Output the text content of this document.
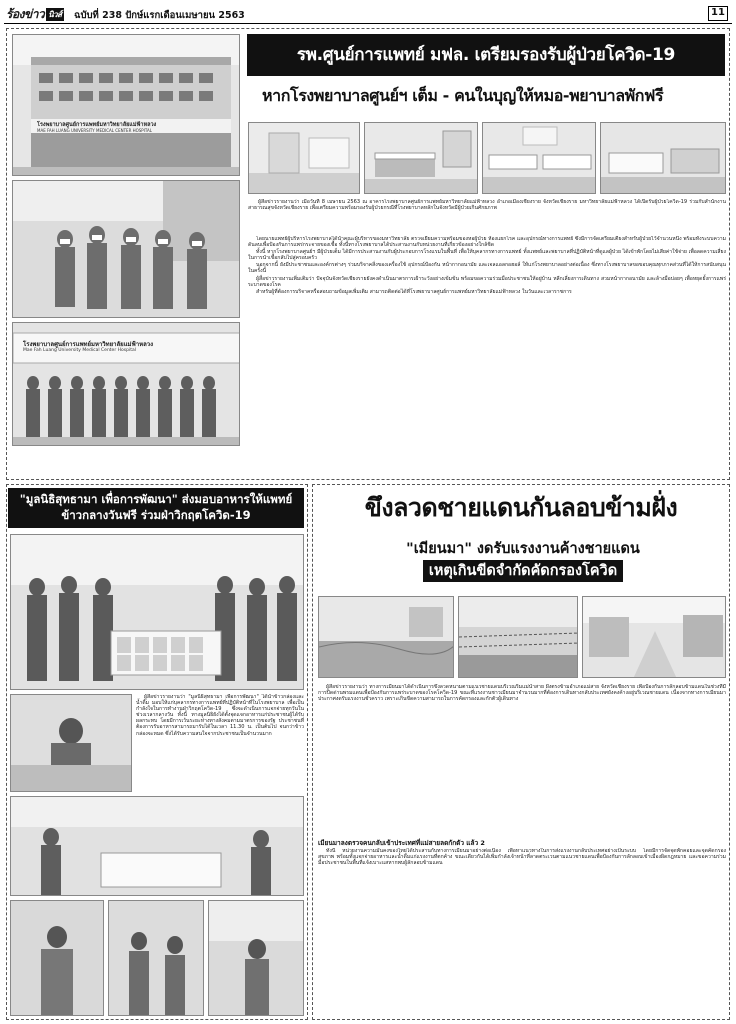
ร้องข่าว นิวส์ ฉบับที่ 238 ปักษ์แรกเดือนเมษายน 2563	11
โรงพยาบาลศูนย์การแพทย์มหาวิทยาลัยแม่ฟ้าหลวง
MAE FAH LUANG UNIVERSITY MEDICAL CENTER HOSPITAL
รพ.ศูนย์การแพทย์ มฟล. เตรียมรองรับผู้ป่วยโควิด-19
หากโรงพยาบาลศูนย์ฯ เต็ม - คนในบุญให้หมอ-พยาบาลพักฟรี
โรงพยาบาลศูนย์การแพทย์มหาวิทยาลัยแม่ฟ้าหลวง
Mae Fah Luang University Medical Center Hospital
ผู้สื่อข่าวรายงานว่า เมื่อวันที่ 8 เมษายน 2563 ณ อาคารโรงพยาบาลศูนย์การแพทย์มหาวิทยาลัยแม่ฟ้าหลวง อำเภอเมืองเชียงราย จังหวัดเชียงราย มหาวิทยาลัยแม่ฟ้าหลวง ได้เปิดรับผู้ป่วยโควิด-19 ร่วมกับสำนักงานสาธารณสุขจังหวัดเชียงราย เพื่อเตรียมความพร้อมรองรับผู้ป่วยกรณีที่โรงพยาบาลหลักในจังหวัดมีผู้ป่วยเกินศักยภาพ

โดยนายแพทย์ผู้บริหารโรงพยาบาลได้นำคณะผู้บริหารของมหาวิทยาลัย ตรวจเยี่ยมความพร้อมของหอผู้ป่วย ห้องแยกโรค และอุปกรณ์ทางการแพทย์ ซึ่งมีการจัดเตรียมเตียงสำหรับผู้ป่วยไว้จำนวนหนึ่ง พร้อมทั้งระบบความดันลบเพื่อป้องกันการแพร่กระจายของเชื้อ ทั้งนี้ทางโรงพยาบาลได้ประสานงานกับหน่วยงานที่เกี่ยวข้องอย่างใกล้ชิด

ทั้งนี้ หากโรงพยาบาลศูนย์ฯ มีผู้ป่วยเต็ม ได้มีการประสานงานกับผู้ประกอบการโรงแรมในพื้นที่ เพื่อให้บุคลากรทางการแพทย์ ทั้งแพทย์และพยาบาลที่ปฏิบัติหน้าที่ดูแลผู้ป่วย ได้เข้าพักโดยไม่เสียค่าใช้จ่าย เพื่อลดความเสี่ยงในการนำเชื้อกลับไปสู่ครอบครัว

นอกจากนี้ ยังมีประชาชนและองค์กรต่างๆ ร่วมบริจาคสิ่งของเครื่องใช้ อุปกรณ์ป้องกัน หน้ากากอนามัย และเจลแอลกอฮอล์ ให้แก่โรงพยาบาลอย่างต่อเนื่อง ซึ่งทางโรงพยาบาลขอขอบคุณทุกภาคส่วนที่ได้ให้การสนับสนุนในครั้งนี้

ผู้สื่อข่าวรายงานเพิ่มเติมว่า ปัจจุบันจังหวัดเชียงรายยังคงดำเนินมาตรการเฝ้าระวังอย่างเข้มข้น พร้อมขอความร่วมมือประชาชนให้อยู่บ้าน หลีกเลี่ยงการเดินทาง สวมหน้ากากอนามัย และล้างมือบ่อยๆ เพื่อหยุดยั้งการแพร่ระบาดของโรค

สำหรับผู้ที่ต้องการบริจาคหรือสอบถามข้อมูลเพิ่มเติม สามารถติดต่อได้ที่โรงพยาบาลศูนย์การแพทย์มหาวิทยาลัยแม่ฟ้าหลวง ในวันและเวลาราชการ

"มูลนิธิสุทธามา เพื่อการพัฒนา" ส่งมอบอาหารให้แพทย์
ข้าวกลางวันฟรี ร่วมฝ่าวิกฤตโควิด-19

ผู้สื่อข่าวรายงานว่า "มูลนิธิสุทธามา เพื่อการพัฒนา" ได้นำข้าวกล่องและน้ำดื่ม มอบให้แก่บุคลากรทางการแพทย์ที่ปฏิบัติหน้าที่ในโรงพยาบาล เพื่อเป็นกำลังใจในการทำงานฝ่าวิกฤตโควิด-19 ซึ่งจะดำเนินการแจกจ่ายทุกวันในช่วงเวลากลางวัน ทั้งนี้ ทางมูลนิธิยังได้ตั้งจุดแจกอาหารแก่ประชาชนผู้ได้รับผลกระทบ โดยมีการเว้นระยะห่างทางสังคมตามมาตรการของรัฐ ประชาชนที่ต้องการรับอาหารสามารถมารับได้ในเวลา 11.30 น. เป็นต้นไป จนกว่าข้าวกล่องจะหมด ซึ่งได้รับความสนใจจากประชาชนเป็นจำนวนมาก

ขึงลวดชายแดนกันลอบข้ามฝั่ง
"เมียนมา" งดรับแรงงานค้างชายแดน
เหตุเกินขีดจำกัดคัดกรองโควิด

ผู้สื่อข่าวรายงานว่า ทางการเมียนมาได้ดำเนินการขึงลวดหนามตามแนวชายแดนบริเวณริมแม่น้ำสาย ฝั่งตรงข้ามอำเภอแม่สาย จังหวัดเชียงราย เพื่อป้องกันการลักลอบข้ามแดนในช่วงที่มีการปิดด่านพรมแดนเพื่อป้องกันการแพร่ระบาดของโรคโควิด-19 ขณะที่แรงงานชาวเมียนมาจำนวนมากที่ต้องการเดินทางกลับประเทศยังคงค้างอยู่บริเวณชายแดน เนื่องจากทางการเมียนมาประกาศงดรับแรงงานชั่วคราว เพราะเกินขีดความสามารถในการคัดกรองและกักตัวผู้เดินทาง

เมียนมาลงตรวจคนกลับเข้าประเทศที่แม่สายลดกักตัว แล้ว 2

ทั้งนี้ หน่วยงานความมั่นคงของไทยได้ประสานกับทางการเมียนมาอย่างต่อเนื่อง เพื่อหาแนวทางในการส่งแรงงานกลับประเทศอย่างเป็นระบบ โดยมีการจัดจุดพักคอยและจุดคัดกรองสุขภาพ พร้อมทั้งแจกจ่ายอาหารและน้ำดื่มแก่แรงงานที่ตกค้าง ขณะเดียวกันได้เพิ่มกำลังเจ้าหน้าที่ลาดตระเวนตามแนวชายแดนเพื่อป้องกันการลักลอบเข้าเมืองผิดกฎหมาย และขอความร่วมมือประชาชนในพื้นที่แจ้งเบาะแสหากพบผู้ลักลอบข้ามแดน
